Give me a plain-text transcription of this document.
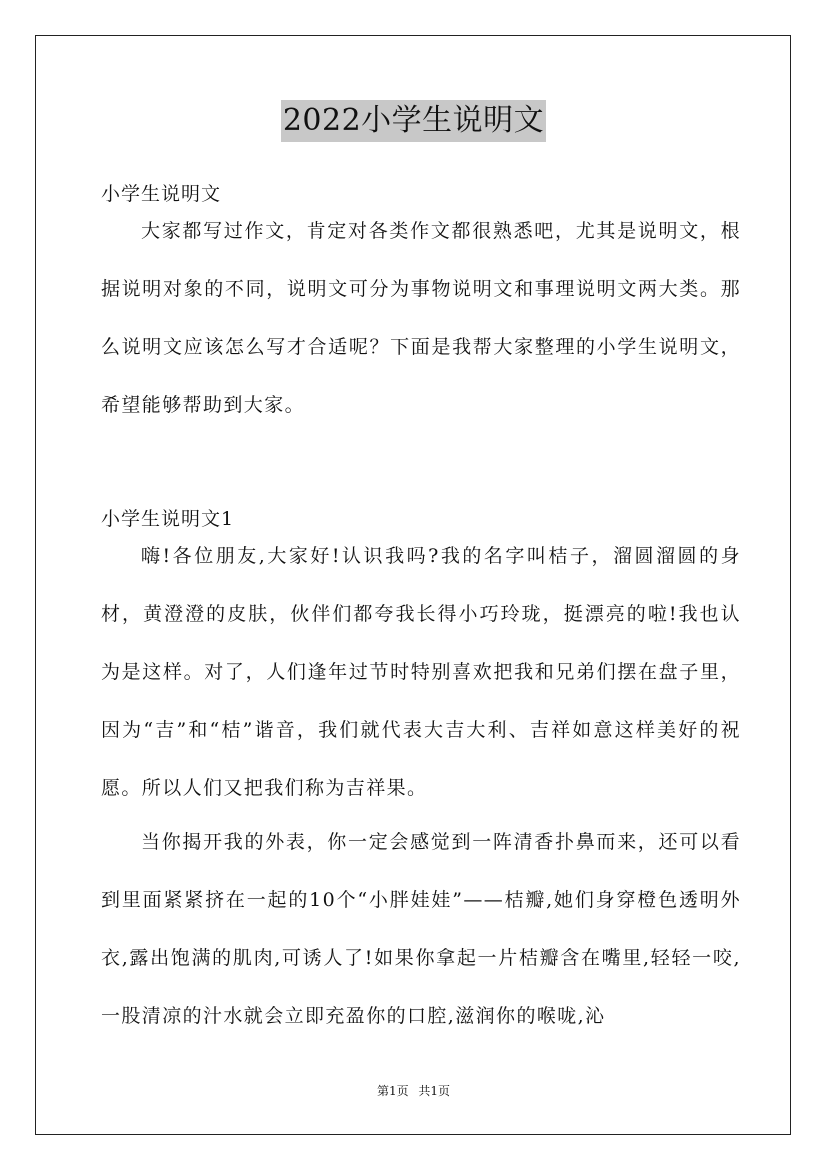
2022小学生说明文
小学生说明文

大家都写过作文，肯定对各类作文都很熟悉吧，尤其是说明文，根据说明对象的不同，说明文可分为事物说明文和事理说明文两大类。那么说明文应该怎么写才合适呢？下面是我帮大家整理的小学生说明文，希望能够帮助到大家。

小学生说明文1

嗨!各位朋友,大家好!认识我吗?我的名字叫桔子，溜圆溜圆的身材，黄澄澄的皮肤，伙伴们都夸我长得小巧玲珑，挺漂亮的啦!我也认为是这样。对了，人们逢年过节时特别喜欢把我和兄弟们摆在盘子里，因为“吉”和“桔”谐音，我们就代表大吉大利、吉祥如意这样美好的祝愿。所以人们又把我们称为吉祥果。

当你揭开我的外表，你一定会感觉到一阵清香扑鼻而来，还可以看到里面紧紧挤在一起的10个“小胖娃娃”——桔瓣,她们身穿橙色透明外衣,露出饱满的肌肉,可诱人了!如果你拿起一片桔瓣含在嘴里,轻轻一咬,一股清凉的汁水就会立即充盈你的口腔,滋润你的喉咙,沁

第1页 共1页
